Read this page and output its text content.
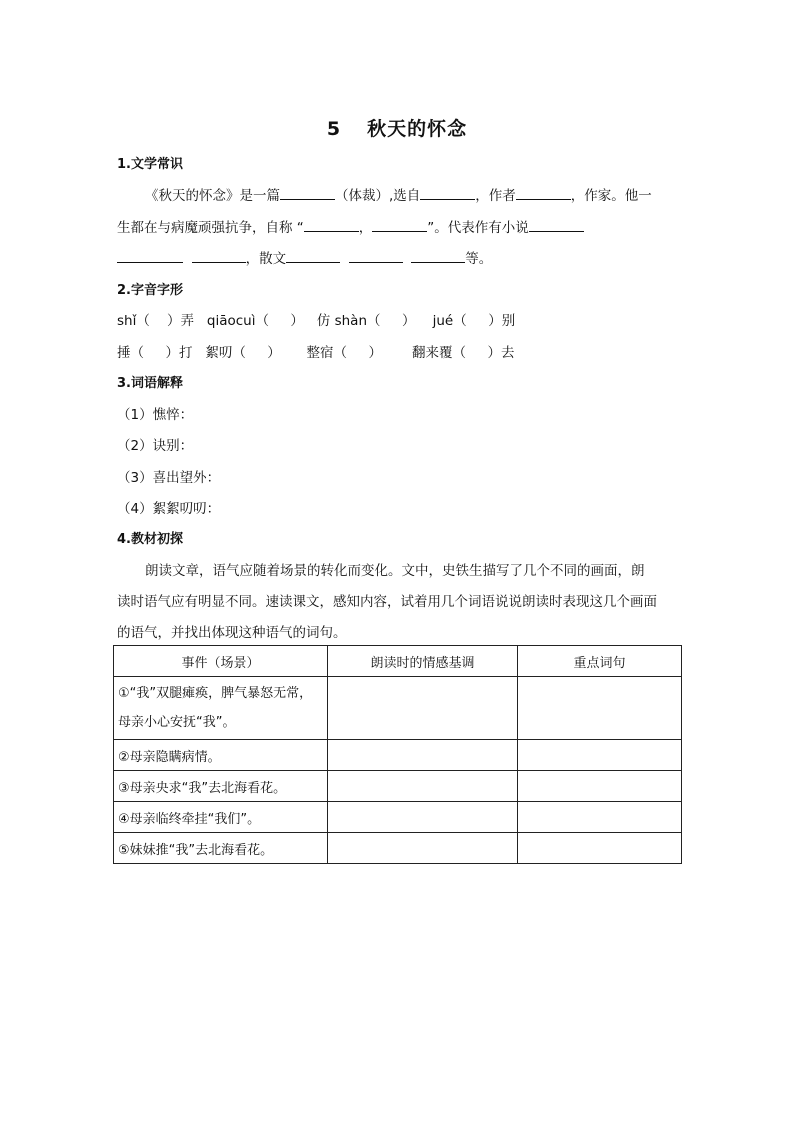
5 秋天的怀念
1.文学常识
《秋天的怀念》是一篇	（体裁）,选自	，作者	，作家。他一
生都在与病魔顽强抗争，自称 “	，	”。代表作有小说
，散文	等。
2.字音字形
shǐ（    ）弄   qiāocuì（     ）   仿 shàn（     ）    jué（     ）别
捶（     ）打   絮叨（     ）      整宿（     ）       翻来覆（     ）去
3.词语解释
（1）憔悴：
（2）诀别：
（3）喜出望外：
（4）絮絮叨叨：
4.教材初探
朗读文章，语气应随着场景的转化而变化。文中，史铁生描写了几个不同的画面，朗
读时语气应有明显不同。速读课文，感知内容，试着用几个词语说说朗读时表现这几个画面
的语气，并找出体现这种语气的词句。
事件（场景）	朗读时的情感基调	重点词句
①“我”双腿瘫痪，脾气暴怒无常，母亲小心安抚“我”。		
②母亲隐瞒病情。		
③母亲央求“我”去北海看花。		
④母亲临终牵挂“我们”。		
⑤妹妹推“我”去北海看花。		
